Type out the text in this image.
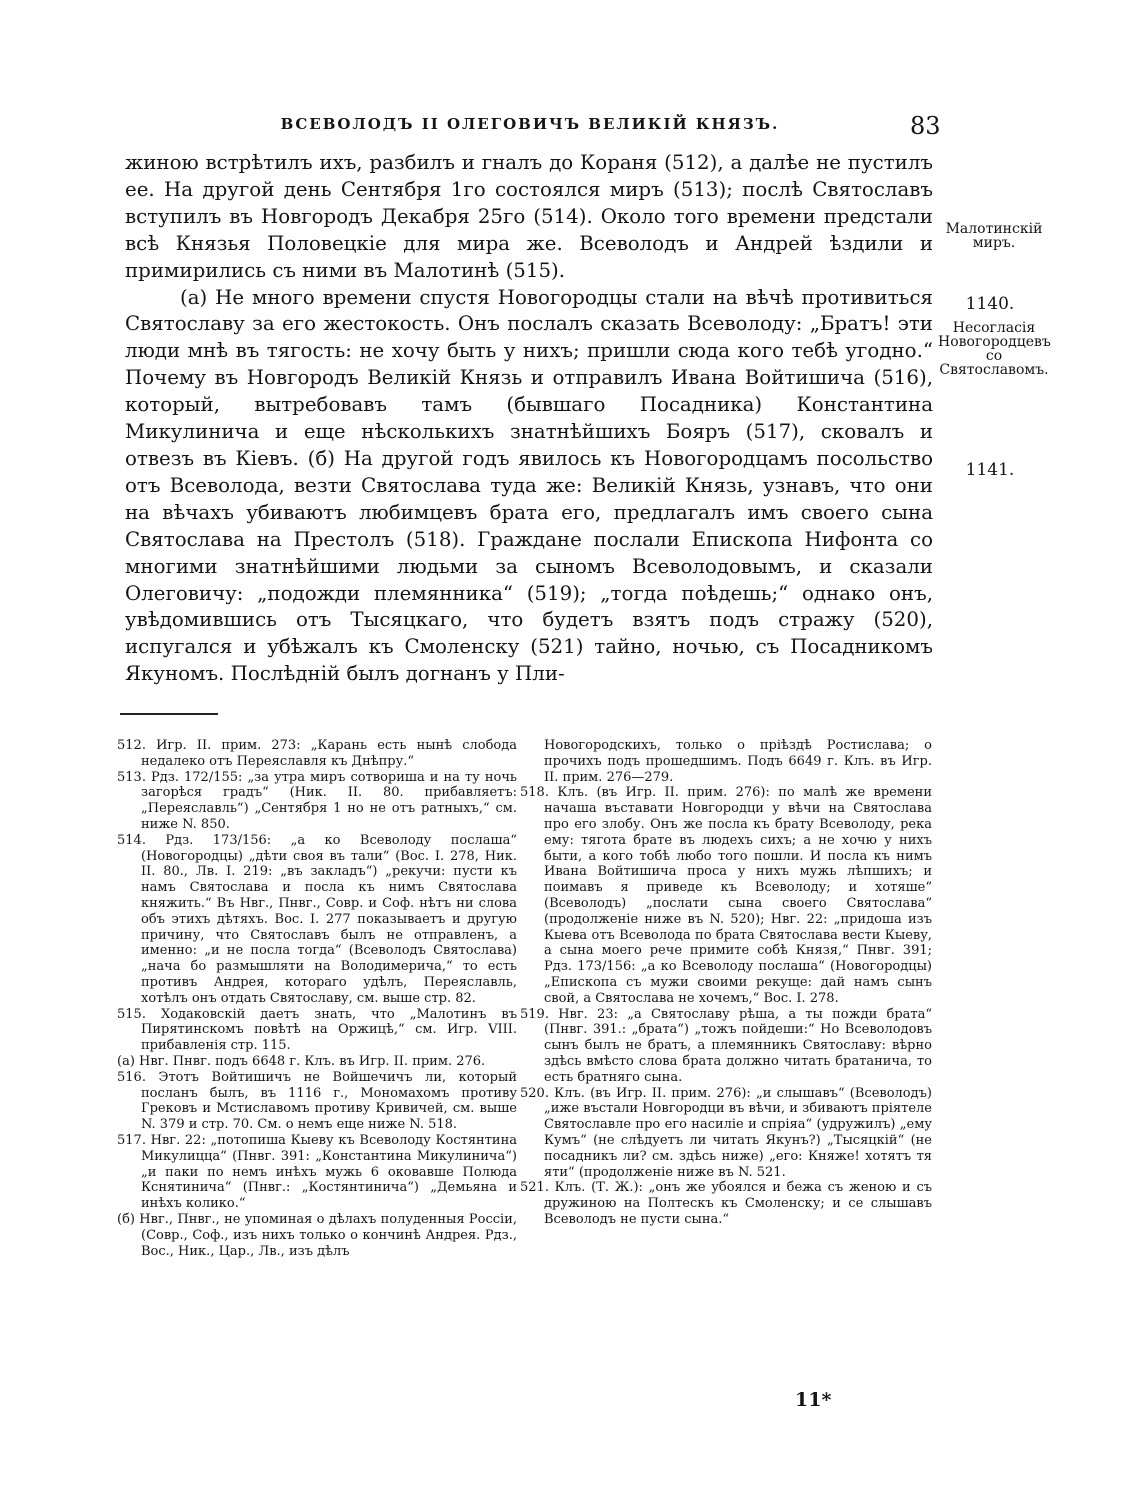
ВСЕВОЛОДЪ II ОЛЕГОВИЧЪ ВЕЛИКІЙ КНЯЗЪ.	83

жиною встрѣтилъ ихъ, разбилъ и гналъ до Кораня (512), а далѣе не пустилъ ее. На другой день Сентября 1го состоялся миръ (513); послѣ Святославъ вступилъ въ Новгородъ Декабря 25го (514). Около того времени предстали всѣ Князья Половецкіе для мира же. Всеволодъ и Андрей ѣздили и примирились съ ними въ Малотинѣ (515).

(а) Не много времени спустя Новогородцы стали на вѣчѣ противиться Святославу за его жестокость. Онъ послалъ сказать Всеволоду: „Братъ! эти люди мнѣ въ тягость: не хочу быть у нихъ; пришли сюда кого тебѣ угодно.“ Почему въ Новгородъ Великій Князь и отправилъ Ивана Войтишича (516), который, вытребовавъ тамъ (бывшаго Посадника) Константина Микулинича и еще нѣсколькихъ знатнѣйшихъ Бояръ (517), сковалъ и отвезъ въ Кіевъ. (б) На другой годъ явилось къ Новогородцамъ посольство отъ Всеволода, везти Святослава туда же: Великій Князь, узнавъ, что они на вѣчахъ убиваютъ любимцевъ брата его, предлагалъ имъ своего сына Святослава на Престолъ (518). Граждане послали Епископа Нифонта со многими знатнѣйшими людьми за сыномъ Всеволодовымъ, и сказали Олеговичу: „подожди племянника“ (519); „тогда поѣдешь;“ однако онъ, увѣдомившись отъ Тысяцкаго, что будетъ взятъ подъ стражу (520), испугался и убѣжалъ къ Смоленску (521) тайно, ночью, съ Посадникомъ Якуномъ. Послѣдній былъ догнанъ у Пли-

Малотинскій миръ.
1140.
Несогласія Новогородцевъ со Святославомъ.
1141.

512. Игр. II. прим. 273: „Карань есть нынѣ слобода недалеко отъ Переяславля къ Днѣпру.“

513. Рдз. 172/155: „за утра миръ сотвориша и на ту ночь загорѣся градъ“ (Ник. II. 80. прибавляетъ: „Переяславль“) „Сентября 1 но не отъ ратныхъ,“ см. ниже N. 850.

514. Рдз. 173/156: „а ко Всеволоду послаша“ (Новогородцы) „дѣти своя въ тали“ (Вос. I. 278, Ник. II. 80., Лв. I. 219: „въ закладъ“) „рекучи: пусти къ намъ Святослава и посла къ нимъ Святослава княжить.“ Въ Нвг., Пнвг., Совр. и Соф. нѣтъ ни слова объ этихъ дѣтяхъ. Вос. I. 277 показываетъ и другую причину, что Святославъ былъ не отправленъ, а именно: „и не посла тогда“ (Всеволодъ Святослава) „нача бо размышляти на Володимерича,“ то есть противъ Андрея, котораго удѣлъ, Переяславль, хотѣлъ онъ отдать Святославу, см. выше стр. 82.

515. Ходаковскій даетъ знать, что „Малотинъ въ Пирятинскомъ повѣтѣ на Оржицѣ,“ см. Игр. VIII. прибавленія стр. 115.

(а) Нвг. Пнвг. подъ 6648 г. Клъ. въ Игр. II. прим. 276.

516. Этотъ Войтишичъ не Войшечичъ ли, который посланъ былъ, въ 1116 г., Мономахомъ противу Грековъ и Мстиславомъ противу Кривичей, см. выше N. 379 и стр. 70. См. о немъ еще ниже N. 518.

517. Нвг. 22: „потопиша Кыеву къ Всеволоду Костянтина Микулицца“ (Пнвг. 391: „Константина Микулинича“) „и паки по немъ инѣхъ мужь 6 оковавше Полюда Кснятинича“ (Пнвг.: „Костянтинича“) „Демьяна и инѣхъ колико.“

(б) Нвг., Пнвг., не упоминая о дѣлахъ полуденныя Россіи, (Совр., Соф., изъ нихъ только о кончинѣ Андрея. Рдз., Вос., Ник., Цар., Лв., изъ дѣлъ

Новогородскихъ, только о пріѣздѣ Ростислава; о прочихъ подъ прошедшимъ. Подъ 6649 г. Клъ. въ Игр. II. прим. 276—279.

518. Клъ. (въ Игр. II. прим. 276): по малѣ же времени начаша въставати Новгородци у вѣчи на Святослава про его злобу. Онъ же посла къ брату Всеволоду, река ему: тягота брате въ людехъ сихъ; а не хочю у нихъ быти, а кого тобѣ любо того пошли. И посла къ нимъ Ивана Войтишича проса у нихъ мужь лѣпшихъ; и поимавъ я приведе къ Всеволоду; и хотяше“ (Всеволодъ) „послати сына своего Святослава“ (продолженіе ниже въ N. 520); Нвг. 22: „придоша изъ Кыева отъ Всеволода по брата Святослава вести Кыеву, а сына моего рече примите собѣ Князя,“ Пнвг. 391; Рдз. 173/156: „а ко Всеволоду послаша“ (Новогородцы) „Епископа съ мужи своими рекуще: дай намъ сынъ свой, а Святослава не хочемъ,“ Вос. I. 278.

519. Нвг. 23: „а Святославу рѣша, а ты пожди брата“ (Пнвг. 391.: „брата“) „тожъ пойдеши:“ Но Всеволодовъ сынъ былъ не братъ, а племянникъ Святославу: вѣрно здѣсь вмѣсто слова брата должно читать братанича, то есть братняго сына.

520. Клъ. (въ Игр. II. прим. 276): „и слышавъ“ (Всеволодъ) „иже въстали Новгородци въ вѣчи, и збиваютъ пріятеле Святославле про его насиліе и спріяа“ (удружилъ) „ему Кумъ“ (не слѣдуетъ ли читать Якунъ?) „Тысяцкій“ (не посадникъ ли? см. здѣсь ниже) „его: Княже! хотятъ тя яти“ (продолженіе ниже въ N. 521.

521. Клъ. (Т. Ж.): „онъ же убоялся и бежа съ женою и съ дружиною на Полтескъ къ Смоленску; и се слышавъ Всеволодъ не пусти сына.“

11*
